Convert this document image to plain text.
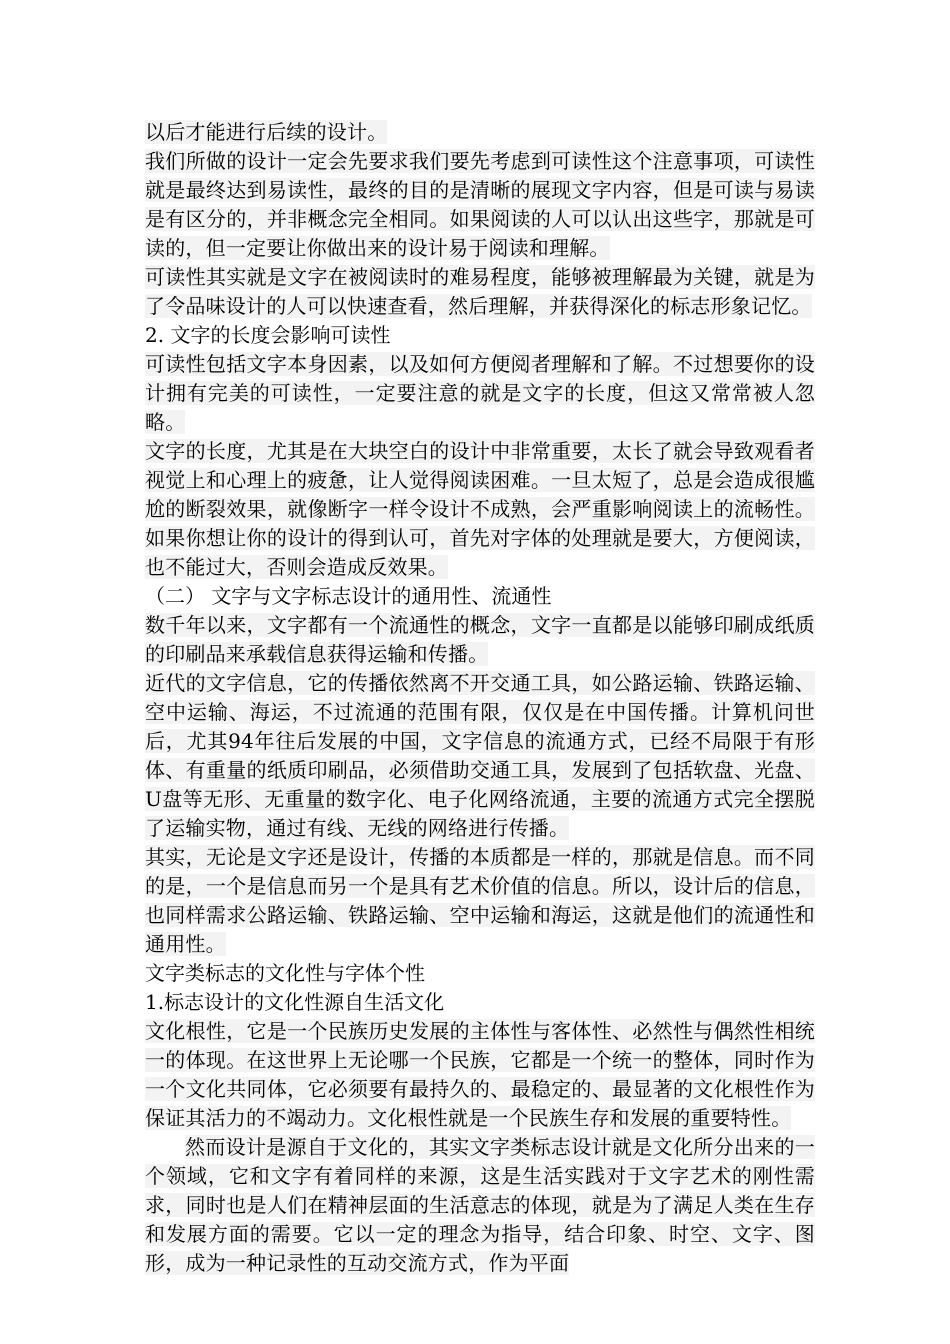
以后才能进行后续的设计。

我们所做的设计一定会先要求我们要先考虑到可读性这个注意事项，可读性就是最终达到易读性，最终的目的是清晰的展现文字内容，但是可读与易读是有区分的，并非概念完全相同。如果阅读的人可以认出这些字，那就是可读的，但一定要让你做出来的设计易于阅读和理解。

可读性其实就是文字在被阅读时的难易程度，能够被理解最为关键，就是为了令品味设计的人可以快速查看，然后理解，并获得深化的标志形象记忆。

2. 文字的长度会影响可读性

可读性包括文字本身因素，以及如何方便阅者理解和了解。不过想要你的设计拥有完美的可读性，一定要注意的就是文字的长度，但这又常常被人忽略。

文字的长度，尤其是在大块空白的设计中非常重要，太长了就会导致观看者视觉上和心理上的疲惫，让人觉得阅读困难。一旦太短了，总是会造成很尴尬的断裂效果，就像断字一样令设计不成熟，会严重影响阅读上的流畅性。如果你想让你的设计的得到认可，首先对字体的处理就是要大，方便阅读，也不能过大，否则会造成反效果。

（二） 文字与文字标志设计的通用性、流通性

数千年以来，文字都有一个流通性的概念，文字一直都是以能够印刷成纸质的印刷品来承载信息获得运输和传播。

近代的文字信息，它的传播依然离不开交通工具，如公路运输、铁路运输、空中运输、海运，不过流通的范围有限，仅仅是在中国传播。计算机问世后，尤其94年往后发展的中国，文字信息的流通方式，已经不局限于有形体、有重量的纸质印刷品，必须借助交通工具，发展到了包括软盘、光盘、U盘等无形、无重量的数字化、电子化网络流通，主要的流通方式完全摆脱了运输实物，通过有线、无线的网络进行传播。

其实，无论是文字还是设计，传播的本质都是一样的，那就是信息。而不同的是，一个是信息而另一个是具有艺术价值的信息。所以，设计后的信息，也同样需求公路运输、铁路运输、空中运输和海运，这就是他们的流通性和通用性。

文字类标志的文化性与字体个性

1.标志设计的文化性源自生活文化

文化根性，它是一个民族历史发展的主体性与客体性、必然性与偶然性相统一的体现。在这世界上无论哪一个民族，它都是一个统一的整体，同时作为一个文化共同体，它必须要有最持久的、最稳定的、最显著的文化根性作为保证其活力的不竭动力。文化根性就是一个民族生存和发展的重要特性。

然而设计是源自于文化的，其实文字类标志设计就是文化所分出来的一个领域，它和文字有着同样的来源，这是生活实践对于文字艺术的刚性需求，同时也是人们在精神层面的生活意志的体现，就是为了满足人类在生存和发展方面的需要。它以一定的理念为指导，结合印象、时空、文字、图形，成为一种记录性的互动交流方式，作为平面
